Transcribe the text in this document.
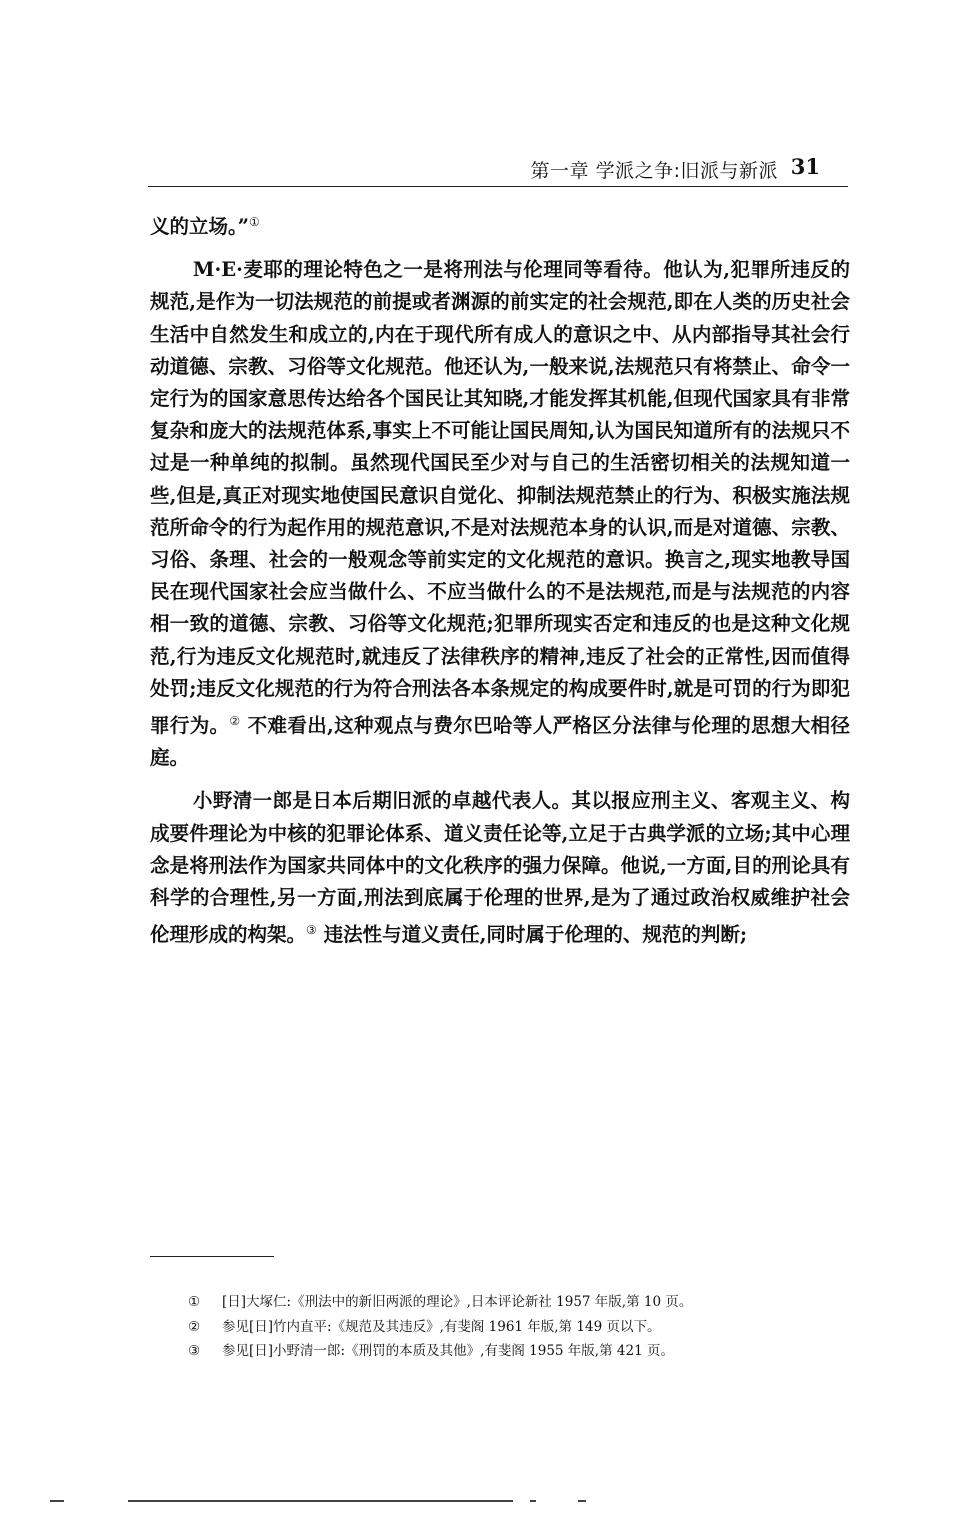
第一章 学派之争:旧派与新派 31

义的立场。”①

M·E·麦耶的理论特色之一是将刑法与伦理同等看待。他认为,犯罪所违反的规范,是作为一切法规范的前提或者渊源的前实定的社会规范,即在人类的历史社会生活中自然发生和成立的,内在于现代所有成人的意识之中、从内部指导其社会行动道德、宗教、习俗等文化规范。他还认为,一般来说,法规范只有将禁止、命令一定行为的国家意思传达给各个国民让其知晓,才能发挥其机能,但现代国家具有非常复杂和庞大的法规范体系,事实上不可能让国民周知,认为国民知道所有的法规只不过是一种单纯的拟制。虽然现代国民至少对与自己的生活密切相关的法规知道一些,但是,真正对现实地使国民意识自觉化、抑制法规范禁止的行为、积极实施法规范所命令的行为起作用的规范意识,不是对法规范本身的认识,而是对道德、宗教、习俗、条理、社会的一般观念等前实定的文化规范的意识。换言之,现实地教导国民在现代国家社会应当做什么、不应当做什么的不是法规范,而是与法规范的内容相一致的道德、宗教、习俗等文化规范;犯罪所现实否定和违反的也是这种文化规范,行为违反文化规范时,就违反了法律秩序的精神,违反了社会的正常性,因而值得处罚;违反文化规范的行为符合刑法各本条规定的构成要件时,就是可罚的行为即犯罪行为。② 不难看出,这种观点与费尔巴哈等人严格区分法律与伦理的思想大相径庭。

小野清一郎是日本后期旧派的卓越代表人。其以报应刑主义、客观主义、构成要件理论为中核的犯罪论体系、道义责任论等,立足于古典学派的立场;其中心理念是将刑法作为国家共同体中的文化秩序的强力保障。他说,一方面,目的刑论具有科学的合理性,另一方面,刑法到底属于伦理的世界,是为了通过政治权威维护社会伦理形成的构架。③ 违法性与道义责任,同时属于伦理的、规范的判断;

① [日]大塚仁:《刑法中的新旧两派的理论》,日本评论新社 1957 年版,第 10 页。
② 参见[日]竹内直平:《规范及其违反》,有斐阁 1961 年版,第 149 页以下。
③ 参见[日]小野清一郎:《刑罚的本质及其他》,有斐阁 1955 年版,第 421 页。
